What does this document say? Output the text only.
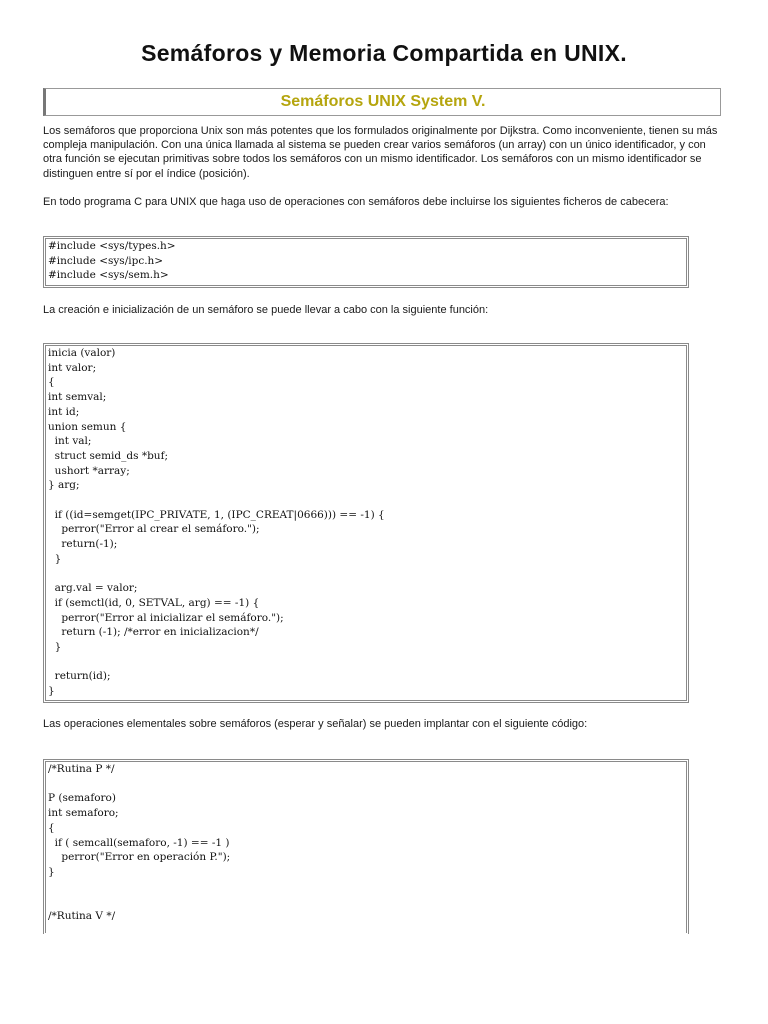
Semáforos y Memoria Compartida en UNIX.
Semáforos UNIX System V.

Los semáforos que proporciona Unix son más potentes que los formulados originalmente por Dijkstra. Como inconveniente, tienen su más compleja manipulación. Con una única llamada al sistema se pueden crear varios semáforos (un array) con un único identificador, y con otra función se ejecutan primitivas sobre todos los semáforos con un mismo identificador. Los semáforos con un mismo identificador se distinguen entre sí por el índice (posición).

En todo programa C para UNIX que haga uso de operaciones con semáforos debe incluirse los siguientes ficheros de cabecera:

#include <sys/types.h>
#include <sys/ipc.h>
#include <sys/sem.h>

La creación e inicialización de un semáforo se puede llevar a cabo con la siguiente función:

inicia (valor)
int valor;
{
int semval;
int id;
union semun {
int val;
struct semid_ds *buf;
ushort *array;
} arg;

if ((id=semget(IPC_PRIVATE, 1, (IPC_CREAT|0666))) == -1) {
perror("Error al crear el semáforo.");
return(-1);
}

arg.val = valor;
if (semctl(id, 0, SETVAL, arg) == -1) {
perror("Error al inicializar el semáforo.");
return (-1); /*error en inicializacion*/
}

return(id);
}

Las operaciones elementales sobre semáforos (esperar y señalar) se pueden implantar con el siguiente código:

/*Rutina P */

P (semaforo)
int semaforo;
{
if ( semcall(semaforo, -1) == -1 )
perror("Error en operación P.");
}

/*Rutina V */
